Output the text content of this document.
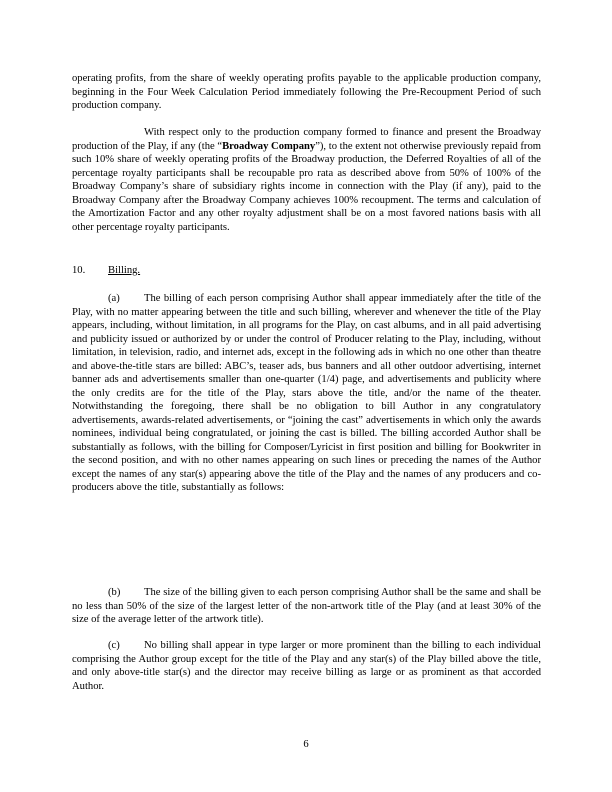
operating profits, from the share of weekly operating profits payable to the applicable production company, beginning in the Four Week Calculation Period immediately following the Pre-Recoupment Period of such production company.

With respect only to the production company formed to finance and present the Broadway production of the Play, if any (the “Broadway Company”), to the extent not otherwise previously repaid from such 10% share of weekly operating profits of the Broadway production, the Deferred Royalties of all of the percentage royalty participants shall be recoupable pro rata as described above from 50% of 100% of the Broadway Company’s share of subsidiary rights income in connection with the Play (if any), paid to the Broadway Company after the Broadway Company achieves 100% recoupment. The terms and calculation of the Amortization Factor and any other royalty adjustment shall be on a most favored nations basis with all other percentage royalty participants.

10. Billing.

(a) The billing of each person comprising Author shall appear immediately after the title of the Play, with no matter appearing between the title and such billing, wherever and whenever the title of the Play appears, including, without limitation, in all programs for the Play, on cast albums, and in all paid advertising and publicity issued or authorized by or under the control of Producer relating to the Play, including, without limitation, in television, radio, and internet ads, except in the following ads in which no one other than theatre and above-the-title stars are billed: ABC’s, teaser ads, bus banners and all other outdoor advertising, internet banner ads and advertisements smaller than one-quarter (1/4) page, and advertisements and publicity where the only credits are for the title of the Play, stars above the title, and/or the name of the theater. Notwithstanding the foregoing, there shall be no obligation to bill Author in any congratulatory advertisements, awards-related advertisements, or “joining the cast” advertisements in which only the awards nominees, individual being congratulated, or joining the cast is billed. The billing accorded Author shall be substantially as follows, with the billing for Composer/Lyricist in first position and billing for Bookwriter in the second position, and with no other names appearing on such lines or preceding the names of the Author except the names of any star(s) appearing above the title of the Play and the names of any producers and co-producers above the title, substantially as follows:

(b) The size of the billing given to each person comprising Author shall be the same and shall be no less than 50% of the size of the largest letter of the non-artwork title of the Play (and at least 30% of the size of the average letter of the artwork title).

(c) No billing shall appear in type larger or more prominent than the billing to each individual comprising the Author group except for the title of the Play and any star(s) of the Play billed above the title, and only above-title star(s) and the director may receive billing as large or as prominent as that accorded Author.

6
